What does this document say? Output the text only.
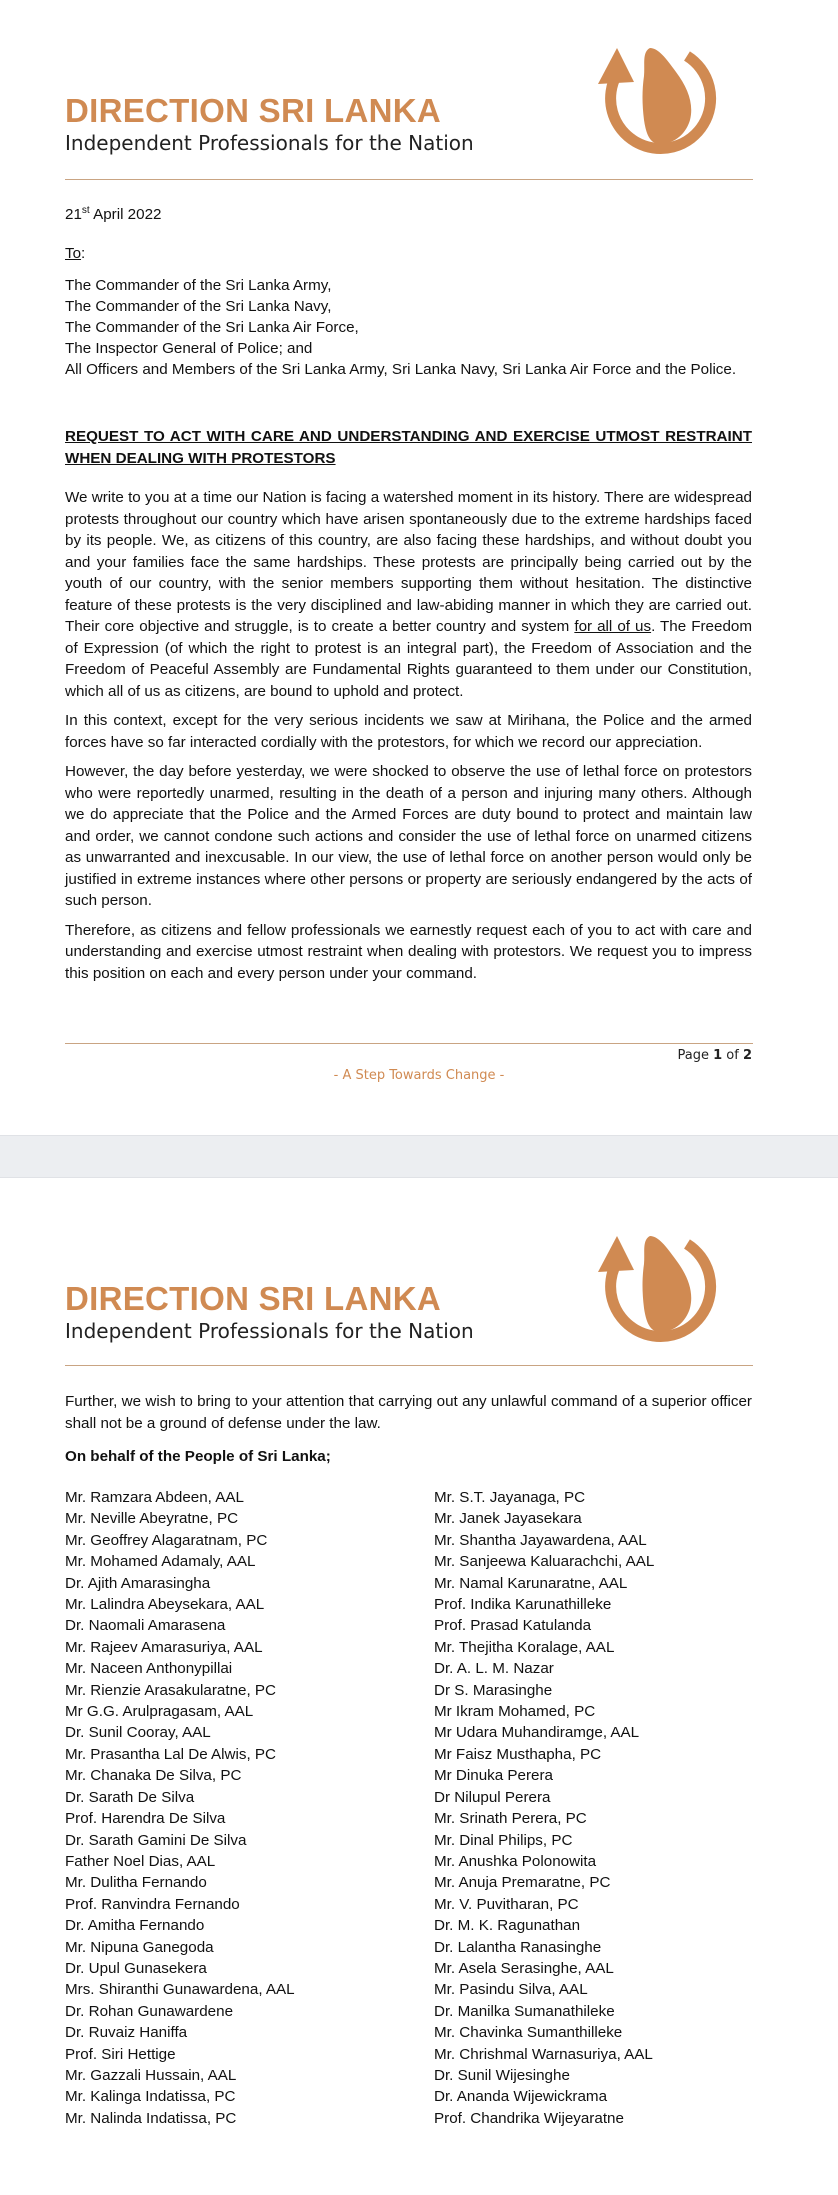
DIRECTION SRI LANKA
Independent Professionals for the Nation

21st April 2022

To:

The Commander of the Sri Lanka Army,

The Commander of the Sri Lanka Navy,

The Commander of the Sri Lanka Air Force,

The Inspector General of Police; and

All Officers and Members of the Sri Lanka Army, Sri Lanka Navy, Sri Lanka Air Force and the Police.

REQUEST TO ACT WITH CARE AND UNDERSTANDING AND EXERCISE UTMOST RESTRAINT WHEN DEALING WITH PROTESTORS

We write to you at a time our Nation is facing a watershed moment in its history. There are widespread protests throughout our country which have arisen spontaneously due to the extreme hardships faced by its people. We, as citizens of this country, are also facing these hardships, and without doubt you and your families face the same hardships. These protests are principally being carried out by the youth of our country, with the senior members supporting them without hesitation. The distinctive feature of these protests is the very disciplined and law-abiding manner in which they are carried out. Their core objective and struggle, is to create a better country and system for all of us. The Freedom of Expression (of which the right to protest is an integral part), the Freedom of Association and the Freedom of Peaceful Assembly are Fundamental Rights guaranteed to them under our Constitution, which all of us as citizens, are bound to uphold and protect.

In this context, except for the very serious incidents we saw at Mirihana, the Police and the armed forces have so far interacted cordially with the protestors, for which we record our appreciation.

However, the day before yesterday, we were shocked to observe the use of lethal force on protestors who were reportedly unarmed, resulting in the death of a person and injuring many others. Although we do appreciate that the Police and the Armed Forces are duty bound to protect and maintain law and order, we cannot condone such actions and consider the use of lethal force on unarmed citizens as unwarranted and inexcusable. In our view, the use of lethal force on another person would only be justified in extreme instances where other persons or property are seriously endangered by the acts of such person.

Therefore, as citizens and fellow professionals we earnestly request each of you to act with care and understanding and exercise utmost restraint when dealing with protestors. We request you to impress this position on each and every person under your command.

Page 1 of 2
- A Step Towards Change -
DIRECTION SRI LANKA
Independent Professionals for the Nation

Further, we wish to bring to your attention that carrying out any unlawful command of a superior officer shall not be a ground of defense under the law.

On behalf of the People of Sri Lanka;

Mr. Ramzara Abdeen, AAL
Mr. Neville Abeyratne, PC
Mr. Geoffrey Alagaratnam, PC
Mr. Mohamed Adamaly, AAL
Dr. Ajith Amarasingha
Mr. Lalindra Abeysekara, AAL
Dr. Naomali Amarasena
Mr. Rajeev Amarasuriya, AAL
Mr. Naceen Anthonypillai
Mr. Rienzie Arasakularatne, PC
Mr G.G. Arulpragasam, AAL
Dr. Sunil Cooray, AAL
Mr. Prasantha Lal De Alwis, PC
Mr. Chanaka De Silva, PC
Dr. Sarath De Silva
Prof. Harendra De Silva
Dr. Sarath Gamini De Silva
Father Noel Dias, AAL
Mr. Dulitha Fernando
Prof. Ranvindra Fernando
Dr. Amitha Fernando
Mr. Nipuna Ganegoda
Dr. Upul Gunasekera
Mrs. Shiranthi Gunawardena, AAL
Dr. Rohan Gunawardene
Dr. Ruvaiz Haniffa
Prof. Siri Hettige
Mr. Gazzali Hussain, AAL
Mr. Kalinga Indatissa, PC
Mr. Nalinda Indatissa, PC
Mr. S.T. Jayanaga, PC
Mr. Janek Jayasekara
Mr. Shantha Jayawardena, AAL
Mr. Sanjeewa Kaluarachchi, AAL
Mr. Namal Karunaratne, AAL
Prof. Indika Karunathilleke
Prof. Prasad Katulanda
Mr. Thejitha Koralage, AAL
Dr. A. L. M. Nazar
Dr S. Marasinghe
Mr Ikram Mohamed, PC
Mr Udara Muhandiramge, AAL
Mr Faisz Musthapha, PC
Mr Dinuka Perera
Dr Nilupul Perera
Mr. Srinath Perera, PC
Mr. Dinal Philips, PC
Mr. Anushka Polonowita
Mr. Anuja Premaratne, PC
Mr. V. Puvitharan, PC
Dr. M. K. Ragunathan
Dr. Lalantha Ranasinghe
Mr. Asela Serasinghe, AAL
Mr. Pasindu Silva, AAL
Dr. Manilka Sumanathileke
Mr. Chavinka Sumanthilleke
Mr. Chrishmal Warnasuriya, AAL
Dr. Sunil Wijesinghe
Dr. Ananda Wijewickrama
Prof. Chandrika Wijeyaratne
